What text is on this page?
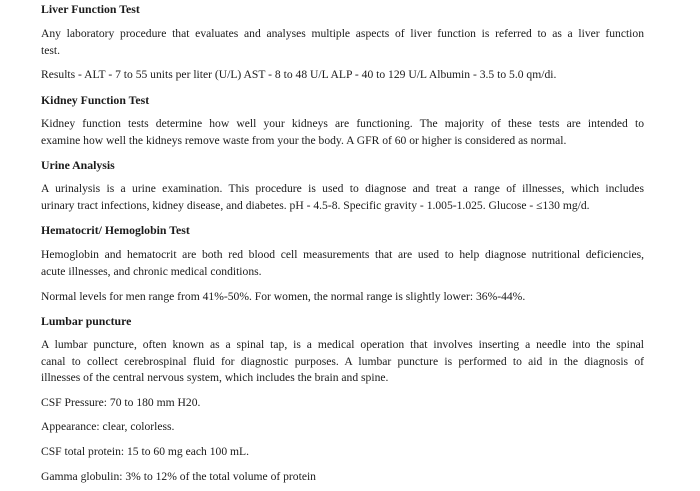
Liver Function Test
Any laboratory procedure that evaluates and analyses multiple aspects of liver function is referred to as a liver function
test.
Results - ALT - 7 to 55 units per liter (U/L) AST - 8 to 48 U/L ALP - 40 to 129 U/L Albumin - 3.5 to 5.0 qm/di.
Kidney Function Test
Kidney function tests determine how well your kidneys are functioning. The majority of these tests are intended to
examine how well the kidneys remove waste from your the body. A GFR of 60 or higher is considered as normal.
Urine Analysis
A urinalysis is a urine examination. This procedure is used to diagnose and treat a range of illnesses, which includes
urinary tract infections, kidney disease, and diabetes. pH - 4.5-8. Specific gravity - 1.005-1.025. Glucose - ≤130 mg/d.
Hematocrit/ Hemoglobin Test
Hemoglobin and hematocrit are both red blood cell measurements that are used to help diagnose nutritional deficiencies,
acute illnesses, and chronic medical conditions.
Normal levels for men range from 41%-50%. For women, the normal range is slightly lower: 36%-44%.
Lumbar puncture
A lumbar puncture, often known as a spinal tap, is a medical operation that involves inserting a needle into the spinal
canal to collect cerebrospinal fluid for diagnostic purposes. A lumbar puncture is performed to aid in the diagnosis of
illnesses of the central nervous system, which includes the brain and spine.
CSF Pressure: 70 to 180 mm H20.
Appearance: clear, colorless.
CSF total protein: 15 to 60 mg each 100 mL.
Gamma globulin: 3% to 12% of the total volume of protein
